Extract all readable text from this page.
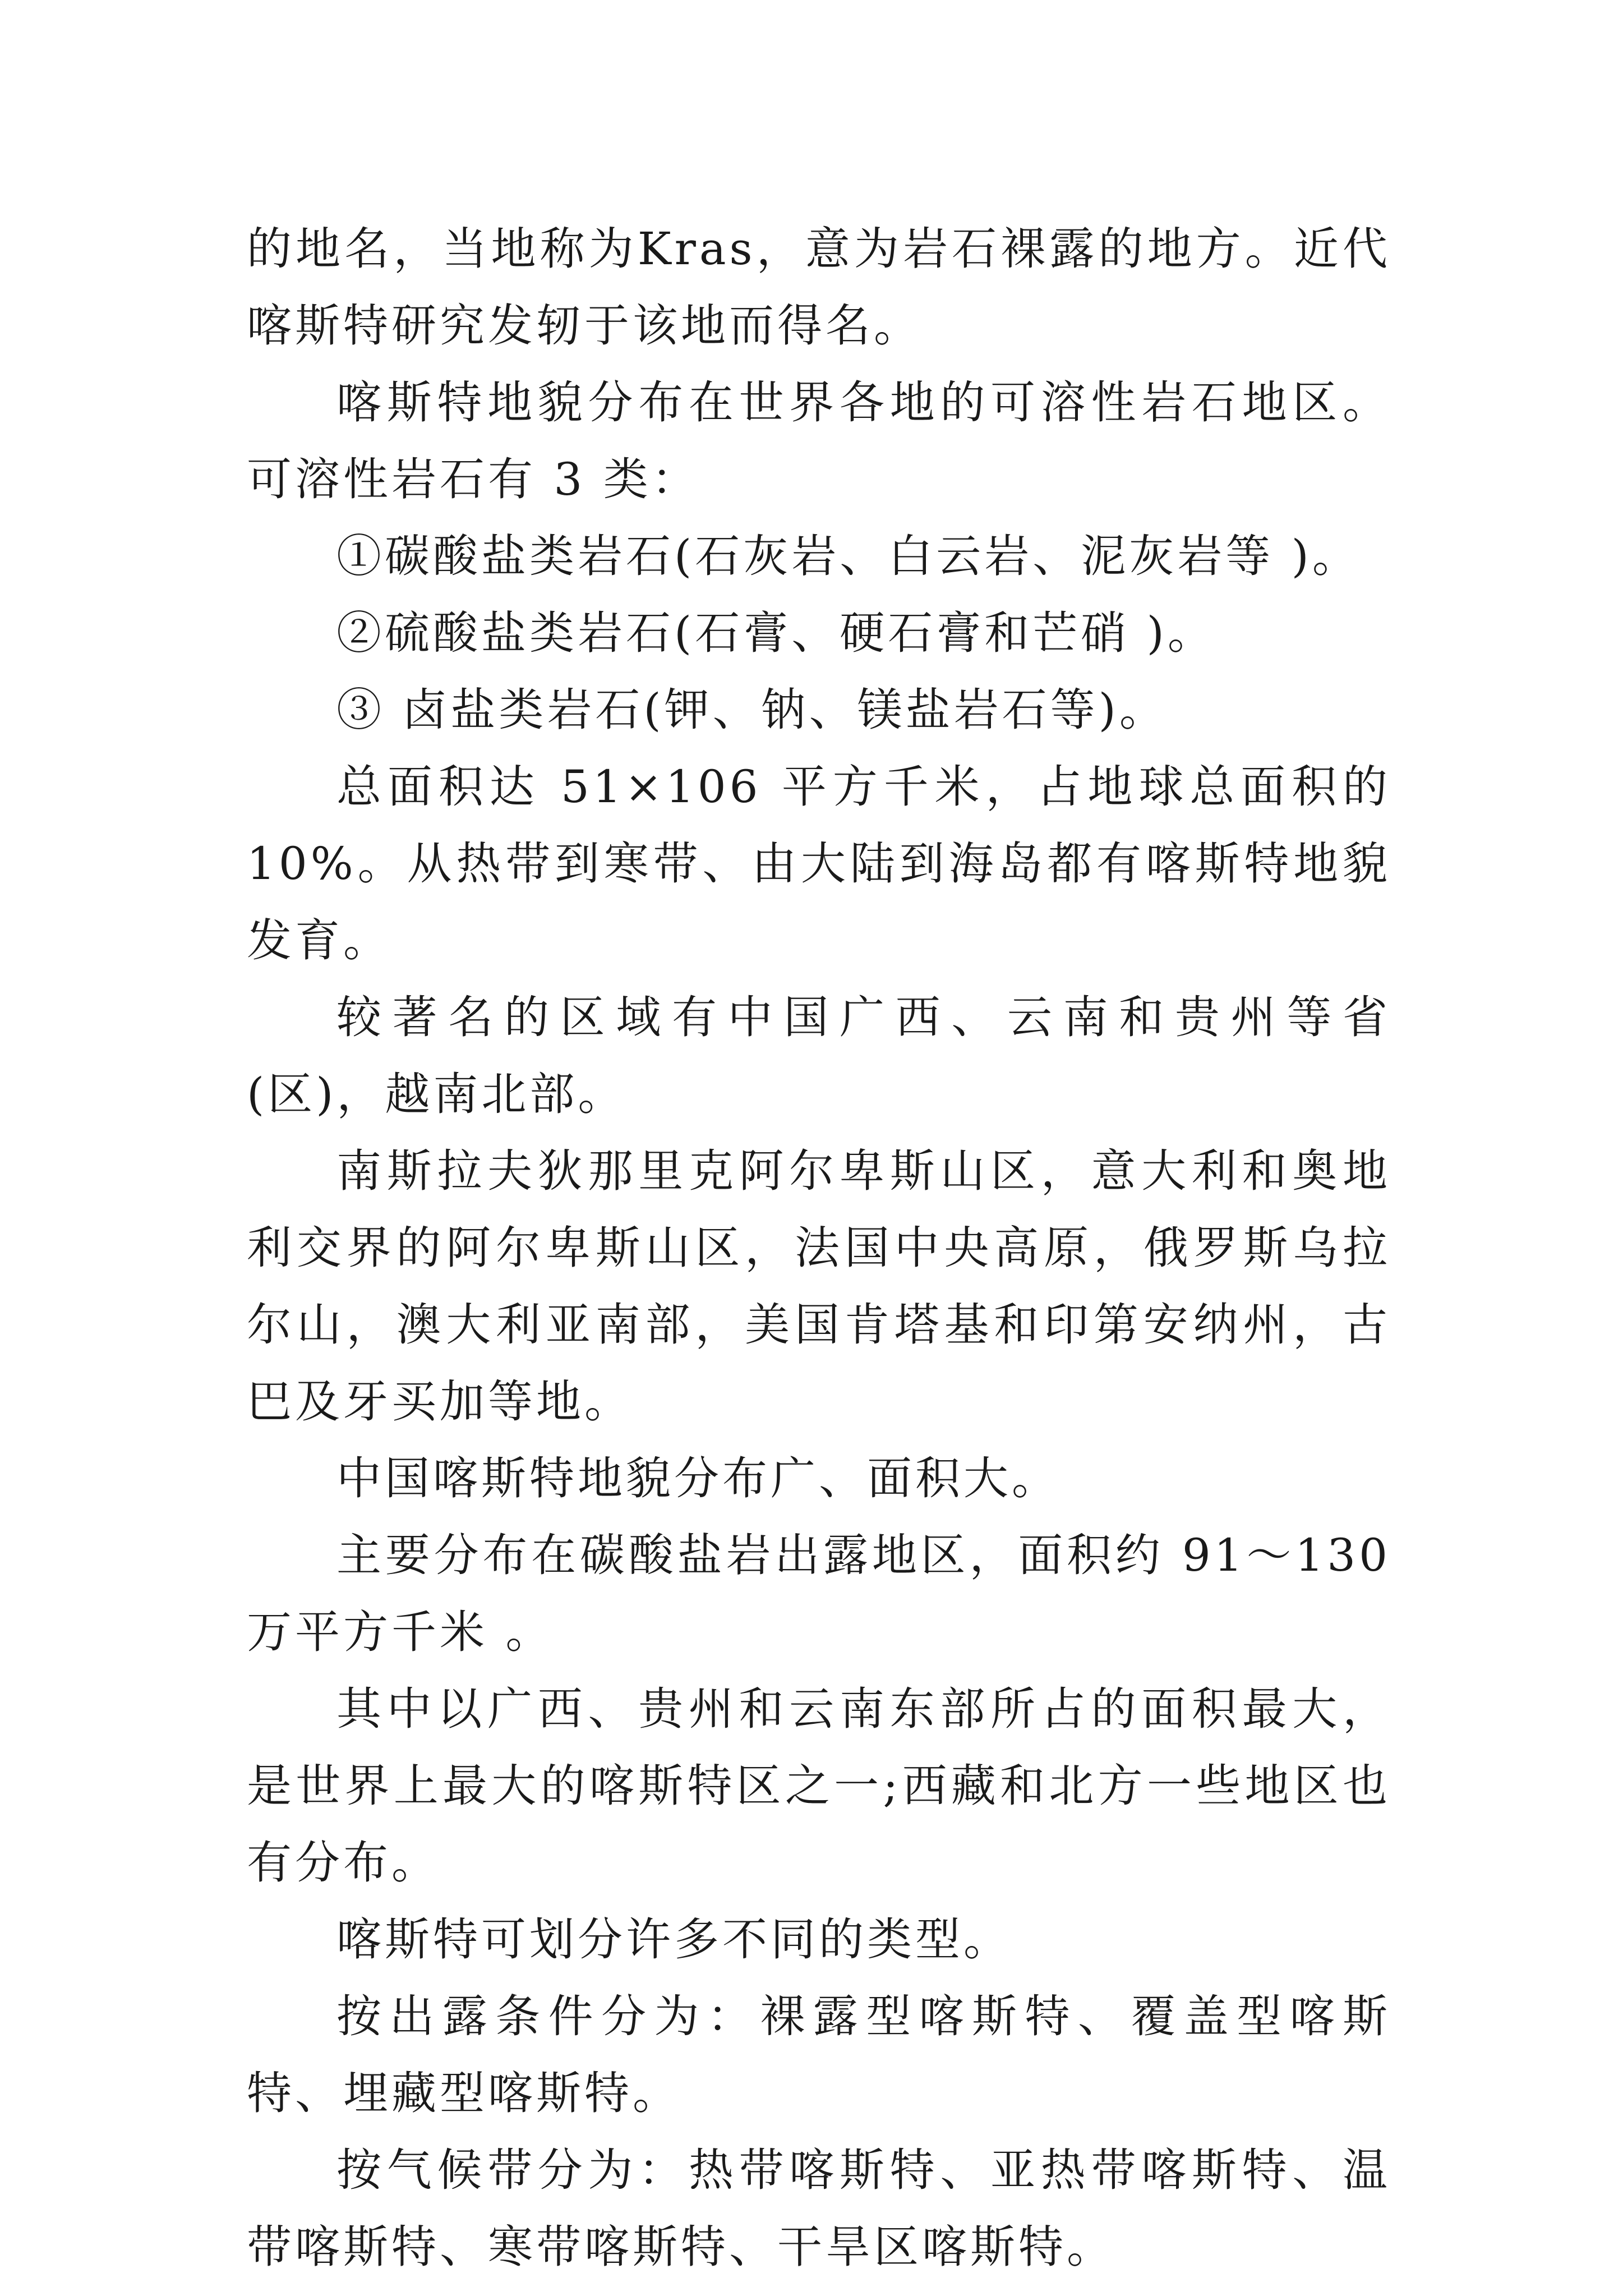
的地名，当地称为Kras，意为岩石裸露的地方。近代喀斯特研究发轫于该地而得名。

喀斯特地貌分布在世界各地的可溶性岩石地区。可溶性岩石有 3 类：

①碳酸盐类岩石(石灰岩、白云岩、泥灰岩等 )。

②硫酸盐类岩石(石膏、硬石膏和芒硝 )。

③ 卤盐类岩石(钾、钠、镁盐岩石等)。

总面积达 51×106 平方千米，占地球总面积的 10%。从热带到寒带、由大陆到海岛都有喀斯特地貌发育。

较著名的区域有中国广西、云南和贵州等省(区)，越南北部。

南斯拉夫狄那里克阿尔卑斯山区，意大利和奥地利交界的阿尔卑斯山区，法国中央高原，俄罗斯乌拉尔山，澳大利亚南部，美国肯塔基和印第安纳州，古巴及牙买加等地。

中国喀斯特地貌分布广、面积大。

主要分布在碳酸盐岩出露地区，面积约 91～130 万平方千米 。

其中以广西、贵州和云南东部所占的面积最大，是世界上最大的喀斯特区之一;西藏和北方一些地区也有分布。

喀斯特可划分许多不同的类型。

按出露条件分为：裸露型喀斯特、覆盖型喀斯特、埋藏型喀斯特。

按气候带分为：热带喀斯特、亚热带喀斯特、温带喀斯特、寒带喀斯特、干旱区喀斯特。
